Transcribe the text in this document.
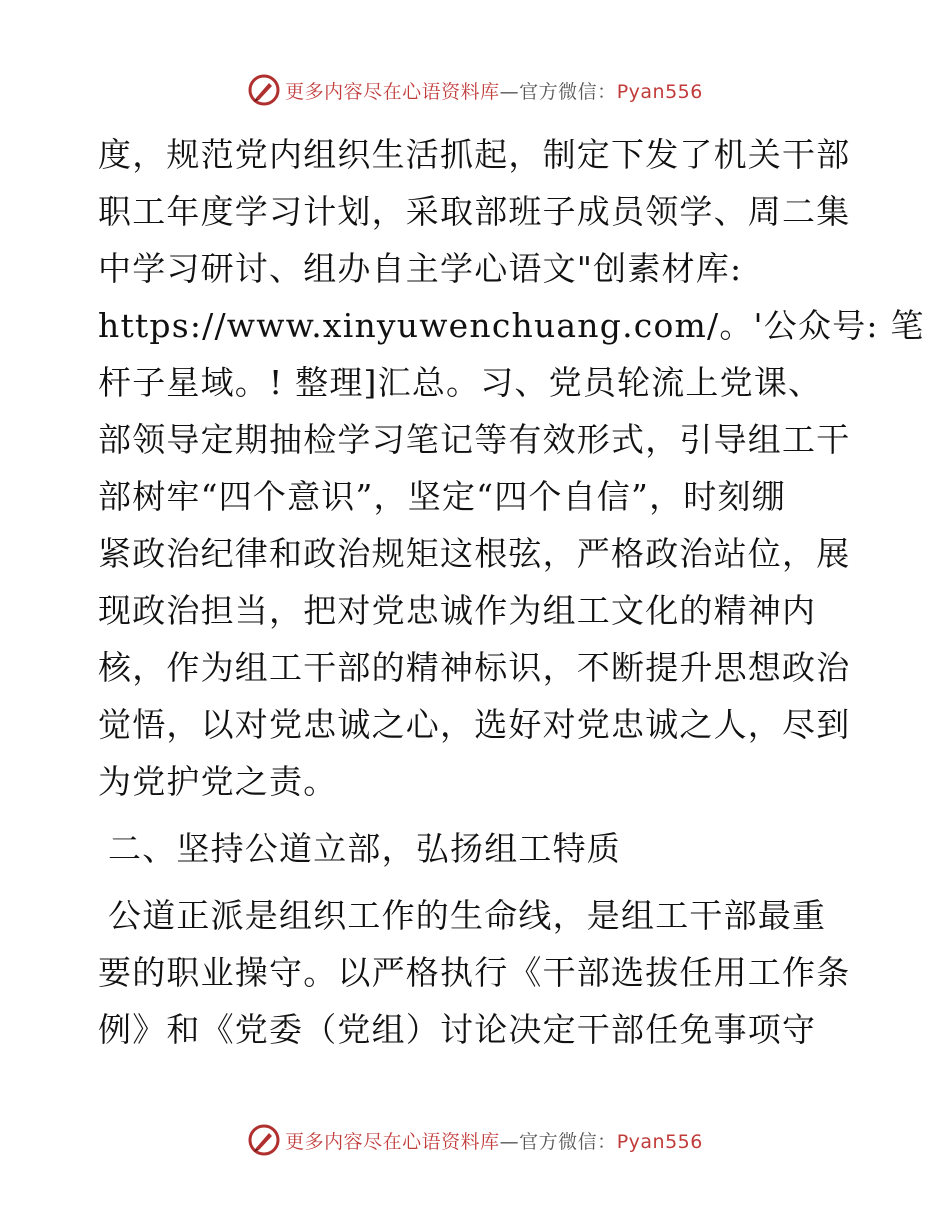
更多内容尽在心语资料库—官方微信：Pyan556
度，规范党内组织生活抓起，制定下发了机关干部
职工年度学习计划，采取部班子成员领学、周二集
中学习研讨、组办自主学心语文"创素材库:
https://www.xinyuwenchuang.com/。'公众号: 笔
杆子星域。! 整理]汇总。习、党员轮流上党课、
部领导定期抽检学习笔记等有效形式，引导组工干
部树牢“四个意识”，坚定“四个自信”，时刻绷
紧政治纪律和政治规矩这根弦，严格政治站位，展
现政治担当，把对党忠诚作为组工文化的精神内
核，作为组工干部的精神标识，不断提升思想政治
觉悟，以对党忠诚之心，选好对党忠诚之人，尽到
为党护党之责。
二、坚持公道立部，弘扬组工特质
公道正派是组织工作的生命线，是组工干部最重
要的职业操守。以严格执行《干部选拔任用工作条
例》和《党委（党组）讨论决定干部任免事项守
更多内容尽在心语资料库—官方微信：Pyan556
